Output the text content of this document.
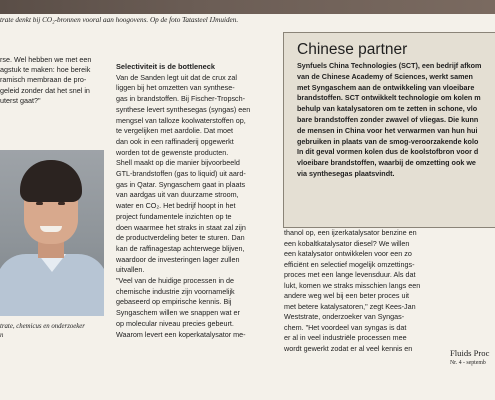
trate denkt bij CO₂-bronnen vooral aan hoogovens. Op de foto Tatasteel IJmuiden.

rse. Wel hebben we met een

agstuk te maken: hoe bereik

ramisch membraan de pro-

geleid zonder dat het snel in

uterst gaat?"

trate, chemicus en onderzoeker

n

Selectiviteit is de bottleneck

Van de Sanden legt uit dat de crux zal

liggen bij het omzetten van synthese-

gas in brandstoffen. Bij Fischer-Tropsch-

synthese levert synthesegas (syngas) een

mengsel van talloze koolwaterstoffen op,

te vergelijken met aardolie. Dat moet

dan ook in een raffinaderij opgewerkt

worden tot de gewenste producten.

Shell maakt op die manier bijvoorbeeld

GTL-brandstoffen (gas to liquid) uit aard-

gas in Qatar. Syngaschem gaat in plaats

van aardgas uit van duurzame stroom,

water en CO₂. Het bedrijf hoopt in het

project fundamentele inzichten op te

doen waarmee het straks in staat zal zijn

de productverdeling beter te sturen. Dan

kan de raffinagestap achterwege blijven,

waardoor de investeringen lager zullen

uitvallen.

"Veel van de huidige processen in de

chemische industrie zijn voornamelijk

gebaseerd op empirische kennis. Bij

Syngaschem willen we snappen wat er

op molecular niveau precies gebeurt.

Waarom levert een koperkatalysator me-

Chinese partner

Synfuels China Technologies (SCT), een bedrijf afkom

van de Chinese Academy of Sciences, werkt samen

met Syngaschem aan de ontwikkeling van vloeibare

brandstoffen. SCT ontwikkelt technologie om kolen m

behulp van katalysatoren om te zetten in schone, vlo

bare brandstoffen zonder zwavel of vliegas. Die kunn

de mensen in China voor het verwarmen van hun hui

gebruiken in plaats van de smog-veroorzakende kolo

In dit geval vormen kolen dus de koolstofbron voor d

vloeibare brandstoffen, waarbij de omzetting ook we

via synthesegas plaatsvindt.

thanol op, een ijzerkatalysator benzine en

een kobaltkatalysator diesel? We willen

een katalysator ontwikkelen voor een zo

efficiënt en selectief mogelijk omzettings-

proces met een lange levensduur. Als dat

lukt, komen we straks misschien langs een

andere weg wel bij een beter proces uit

met betere katalysatoren," zegt Kees-Jan

Weststrate, onderzoeker van Syngas-

chem. "Het voordeel van syngas is dat

er al in veel industriële processen mee

wordt gewerkt zodat er al veel kennis en	Fluids Proc
Nr. 4 - septemb
